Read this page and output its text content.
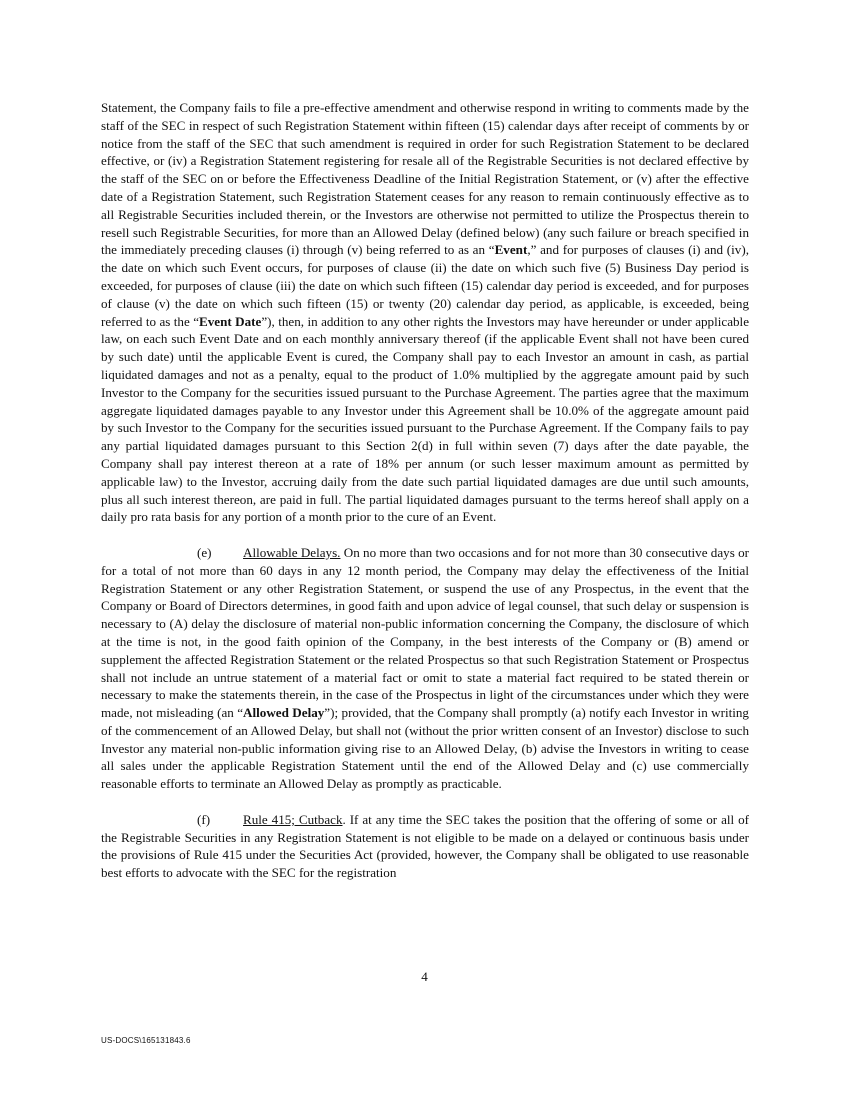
Statement, the Company fails to file a pre-effective amendment and otherwise respond in writing to comments made by the staff of the SEC in respect of such Registration Statement within fifteen (15) calendar days after receipt of comments by or notice from the staff of the SEC that such amendment is required in order for such Registration Statement to be declared effective, or (iv) a Registration Statement registering for resale all of the Registrable Securities is not declared effective by the staff of the SEC on or before the Effectiveness Deadline of the Initial Registration Statement, or (v) after the effective date of a Registration Statement, such Registration Statement ceases for any reason to remain continuously effective as to all Registrable Securities included therein, or the Investors are otherwise not permitted to utilize the Prospectus therein to resell such Registrable Securities, for more than an Allowed Delay (defined below) (any such failure or breach specified in the immediately preceding clauses (i) through (v) being referred to as an “Event,” and for purposes of clauses (i) and (iv), the date on which such Event occurs, for purposes of clause (ii) the date on which such five (5) Business Day period is exceeded, for purposes of clause (iii) the date on which such fifteen (15) calendar day period is exceeded, and for purposes of clause (v) the date on which such fifteen (15) or twenty (20) calendar day period, as applicable, is exceeded, being referred to as the “Event Date”), then, in addition to any other rights the Investors may have hereunder or under applicable law, on each such Event Date and on each monthly anniversary thereof (if the applicable Event shall not have been cured by such date) until the applicable Event is cured, the Company shall pay to each Investor an amount in cash, as partial liquidated damages and not as a penalty, equal to the product of 1.0% multiplied by the aggregate amount paid by such Investor to the Company for the securities issued pursuant to the Purchase Agreement. The parties agree that the maximum aggregate liquidated damages payable to any Investor under this Agreement shall be 10.0% of the aggregate amount paid by such Investor to the Company for the securities issued pursuant to the Purchase Agreement. If the Company fails to pay any partial liquidated damages pursuant to this Section 2(d) in full within seven (7) days after the date payable, the Company shall pay interest thereon at a rate of 18% per annum (or such lesser maximum amount as permitted by applicable law) to the Investor, accruing daily from the date such partial liquidated damages are due until such amounts, plus all such interest thereon, are paid in full. The partial liquidated damages pursuant to the terms hereof shall apply on a daily pro rata basis for any portion of a month prior to the cure of an Event.

(e) Allowable Delays. On no more than two occasions and for not more than 30 consecutive days or for a total of not more than 60 days in any 12 month period, the Company may delay the effectiveness of the Initial Registration Statement or any other Registration Statement, or suspend the use of any Prospectus, in the event that the Company or Board of Directors determines, in good faith and upon advice of legal counsel, that such delay or suspension is necessary to (A) delay the disclosure of material non-public information concerning the Company, the disclosure of which at the time is not, in the good faith opinion of the Company, in the best interests of the Company or (B) amend or supplement the affected Registration Statement or the related Prospectus so that such Registration Statement or Prospectus shall not include an untrue statement of a material fact or omit to state a material fact required to be stated therein or necessary to make the statements therein, in the case of the Prospectus in light of the circumstances under which they were made, not misleading (an “Allowed Delay”); provided, that the Company shall promptly (a) notify each Investor in writing of the commencement of an Allowed Delay, but shall not (without the prior written consent of an Investor) disclose to such Investor any material non-public information giving rise to an Allowed Delay, (b) advise the Investors in writing to cease all sales under the applicable Registration Statement until the end of the Allowed Delay and (c) use commercially reasonable efforts to terminate an Allowed Delay as promptly as practicable.

(f)	Rule 415; Cutback. If at any time the SEC takes the position that the offering of some or all of the Registrable Securities in any Registration Statement is not eligible to be made on a delayed or continuous basis under the provisions of Rule 415 under the Securities Act (provided, however, the Company shall be obligated to use reasonable best efforts to advocate with the SEC for the registration

4
US-DOCS\165131843.6
